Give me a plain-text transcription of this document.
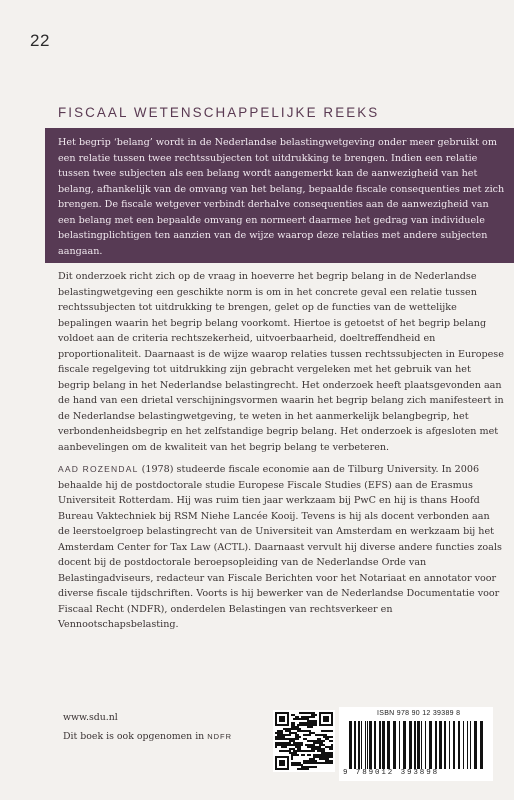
22
FISCAAL WETENSCHAPPELIJKE REEKS

Het begrip ‘belang’ wordt in de Nederlandse belastingwetgeving onder meer gebruikt om een relatie tussen twee rechtssubjecten tot uitdrukking te brengen. Indien een relatie tussen twee subjecten als een belang wordt aangemerkt kan de aanwezigheid van het belang, afhankelijk van de omvang van het belang, bepaalde fiscale consequenties met zich brengen. De fiscale wetgever verbindt derhalve consequenties aan de aanwezigheid van een belang met een bepaalde omvang en normeert daarmee het gedrag van individuele belastingplichtigen ten aanzien van de wijze waarop deze relaties met andere subjecten aangaan.

Dit onderzoek richt zich op de vraag in hoeverre het begrip belang in de Nederlandse belastingwetgeving een geschikte norm is om in het concrete geval een relatie tussen rechtssubjecten tot uitdrukking te brengen, gelet op de functies van de wettelijke bepalingen waarin het begrip belang voorkomt. Hiertoe is getoetst of het begrip belang voldoet aan de criteria rechtszekerheid, uitvoerbaarheid, doeltreffendheid en proportionaliteit. Daarnaast is de wijze waarop relaties tussen rechtssubjecten in Europese fiscale regelgeving tot uitdrukking zijn gebracht vergeleken met het gebruik van het begrip belang in het Nederlandse belastingrecht. Het onderzoek heeft plaatsgevonden aan de hand van een drietal verschijningsvormen waarin het begrip belang zich manifesteert in de Nederlandse belastingwetgeving, te weten in het aanmerkelijk belangbegrip, het verbondenheidsbegrip en het zelfstandige begrip belang. Het onderzoek is afgesloten met aanbevelingen om de kwaliteit van het begrip belang te verbeteren.

AAD ROZENDAL (1978) studeerde fiscale economie aan de Tilburg University. In 2006 behaalde hij de postdoctorale studie Europese Fiscale Studies (EFS) aan de Erasmus Universiteit Rotterdam. Hij was ruim tien jaar werkzaam bij PwC en hij is thans Hoofd Bureau Vaktechniek bij RSM Niehe Lancée Kooij. Tevens is hij als docent verbonden aan de leerstoelgroep belastingrecht van de Universiteit van Amsterdam en werkzaam bij het Amsterdam Center for Tax Law (ACTL). Daarnaast vervult hij diverse andere functies zoals docent bij de postdoctorale beroepsopleiding van de Nederlandse Orde van Belastingadviseurs, redacteur van Fiscale Berichten voor het Notariaat en annotator voor diverse fiscale tijdschriften. Voorts is hij bewerker van de Nederlandse Documentatie voor Fiscaal Recht (NDFR), onderdelen Belastingen van rechtsverkeer en Vennootschapsbelasting.
www.sdu.nl
Dit boek is ook opgenomen in NDFR
ISBN 978 90 12 39389 8
9 789012 393898
